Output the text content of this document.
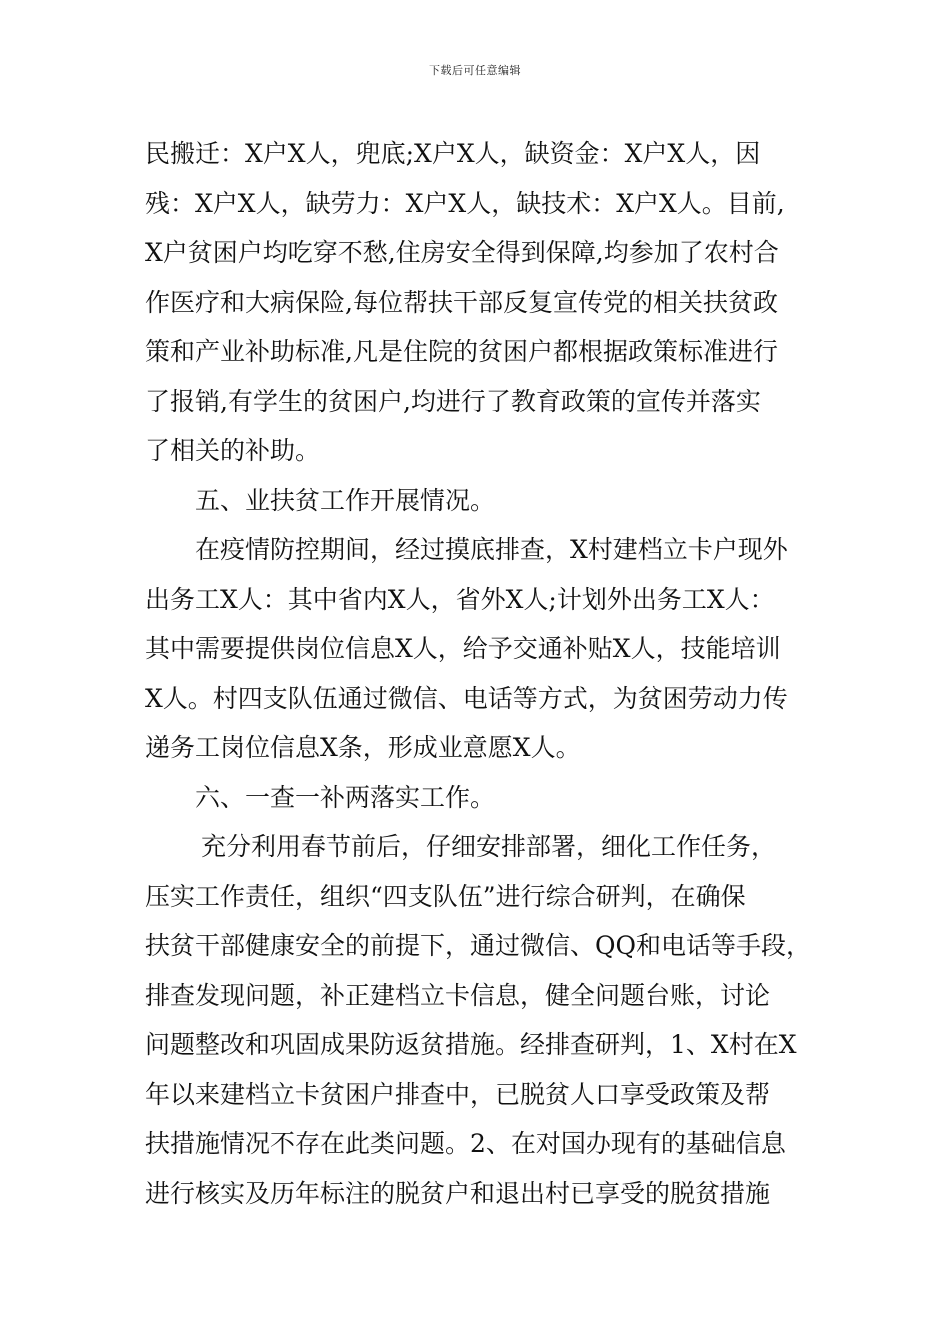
下载后可任意编辑
民搬迁：X户X人，兜底;X户X人，缺资金：X户X人，因
残：X户X人，缺劳力：X户X人，缺技术：X户X人。目前,
X户贫困户均吃穿不愁,住房安全得到保障,均参加了农村合
作医疗和大病保险,每位帮扶干部反复宣传党的相关扶贫政
策和产业补助标准,凡是住院的贫困户都根据政策标准进行
了报销,有学生的贫困户,均进行了教育政策的宣传并落实
了相关的补助。
五、业扶贫工作开展情况。
在疫情防控期间，经过摸底排查，X村建档立卡户现外
出务工X人：其中省内X人，省外X人;计划外出务工X人：
其中需要提供岗位信息X人，给予交通补贴X人，技能培训
X人。村四支队伍通过微信、电话等方式，为贫困劳动力传
递务工岗位信息X条，形成业意愿X人。
六、一查一补两落实工作。
充分利用春节前后，仔细安排部署，细化工作任务，
压实工作责任，组织“四支队伍”进行综合研判，在确保
扶贫干部健康安全的前提下，通过微信、QQ和电话等手段，
排查发现问题，补正建档立卡信息，健全问题台账，讨论
问题整改和巩固成果防返贫措施。经排查研判，1、X村在X
年以来建档立卡贫困户排查中，已脱贫人口享受政策及帮
扶措施情况不存在此类问题。2、在对国办现有的基础信息
进行核实及历年标注的脱贫户和退出村已享受的脱贫措施
